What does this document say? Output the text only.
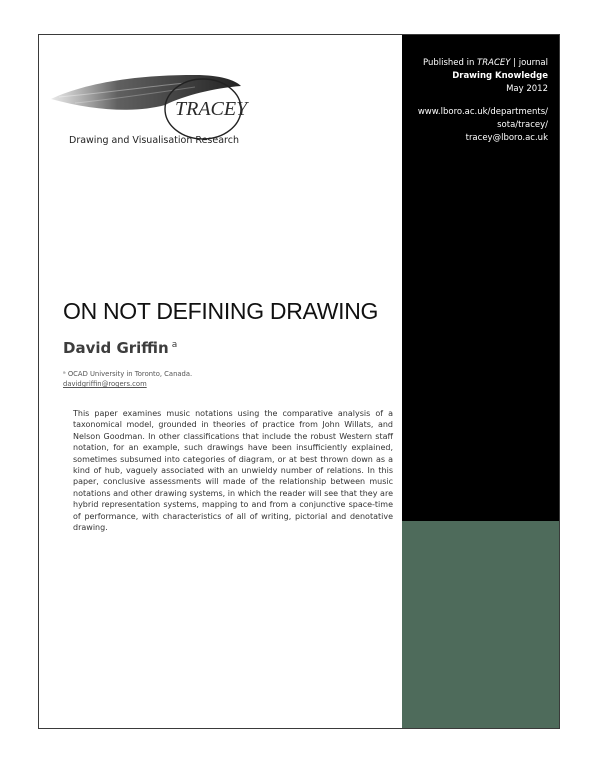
Published in TRACEY | journal
Drawing Knowledge
May 2012
www.lboro.ac.uk/departments/
sota/tracey/
tracey@lboro.ac.uk
TRACEY
Drawing and Visualisation Research
ON NOT DEFINING DRAWING
David Griffin $^a$
ᵃ OCAD University in Toronto, Canada.
davidgriffin@rogers.com

This paper examines music notations using the comparative analysis of a taxonomical model, grounded in theories of practice from John Willats, and Nelson Goodman. In other classifications that include the robust Western staff notation, for an example, such drawings have been insufficiently explained, sometimes subsumed into categories of diagram, or at best thrown down as a kind of hub, vaguely associated with an unwieldy number of relations. In this paper, conclusive assessments will made of the relationship between music notations and other drawing systems, in which the reader will see that they are hybrid representation systems, mapping to and from a conjunctive space-time of performance, with characteristics of all of writing, pictorial and denotative drawing.
